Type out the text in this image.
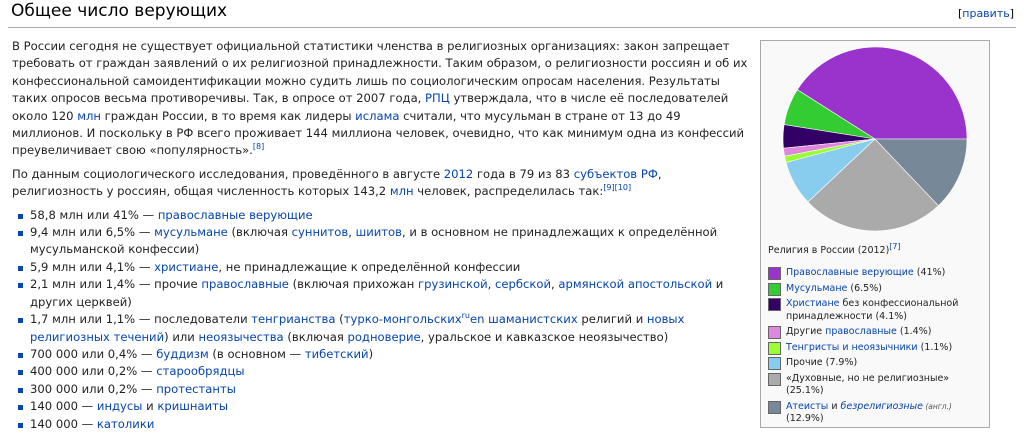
Общее число верующих	[править]

В России сегодня не существует официальной статистики членства в религиозных организациях: закон запрещает требовать от граждан заявлений о их религиозной принадлежности. Таким образом, о религиозности россиян и об их конфессиональной самоидентификации можно судить лишь по социологическим опросам населения. Результаты таких опросов весьма противоречивы. Так, в опросе от 2007 года, РПЦ утверждала, что в числе её последователей около 120 млн граждан России, в то время как лидеры ислама считали, что мусульман в стране от 13 до 49 миллионов. И поскольку в РФ всего проживает 144 миллиона человек, очевидно, что как минимум одна из конфессий преувеличивает свою «популярность».[8]

По данным социологического исследования, проведённого в августе 2012 года в 79 из 83 субъектов РФ, религиозность у россиян, общая численность которых 143,2 млн человек, распределилась так:[9][10]

58,8 млн или 41% — православные верующие
9,4 млн или 6,5% — мусульмане (включая суннитов, шиитов, и в основном не принадлежащих к определённой мусульманской конфессии)
5,9 млн или 4,1% — христиане, не принадлежащие к определённой конфессии
2,1 млн или 1,4% — прочие православные (включая прихожан грузинской, сербской, армянской апостольской и других церквей)
1,7 млн или 1,1% — последователи тенгрианства (турко-монгольских$^{ru}$en шаманистских религий и новых религиозных течений) или неоязычества (включая родноверие, уральское и кавказское неоязычество)
700 000 или 0,4% — буддизм (в основном — тибетский)
400 000 или 0,2% — старообрядцы
300 000 или 0,2% — протестанты
140 000 — индусы и кришнаиты
140 000 — католики
Религия в России (2012)[7]
Православные верующие (41%)
Мусульмане (6.5%)
Христиане без конфессиональной принадлежности (4.1%)
Другие православные (1.4%)
Тенгристы и неоязычники (1.1%)
Прочие (7.9%)
«Духовные, но не религиозные» (25.1%)
Атеисты и безрелигиозные (англ.) (12.9%)
